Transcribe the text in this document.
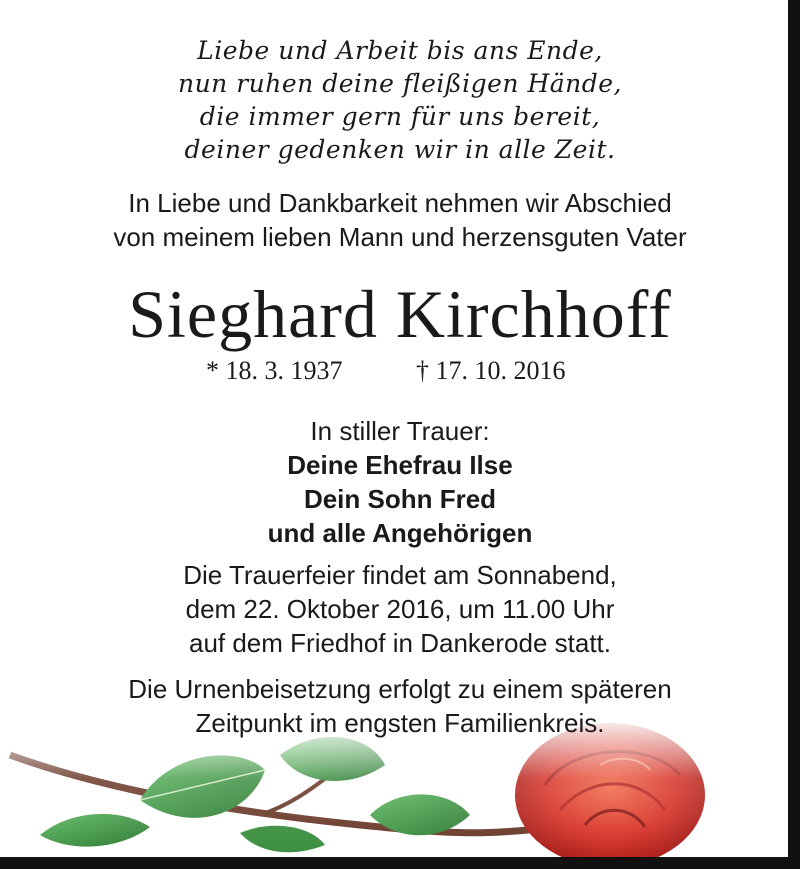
Liebe und Arbeit bis ans Ende,
nun ruhen deine fleißigen Hände,
die immer gern für uns bereit,
deiner gedenken wir in alle Zeit.
In Liebe und Dankbarkeit nehmen wir Abschied
von meinem lieben Mann und herzensguten Vater
Sieghard Kirchhoff
* 18. 3. 1937	† 17. 10. 2016
In stiller Trauer:
Deine Ehefrau Ilse
Dein Sohn Fred
und alle Angehörigen
Die Trauerfeier findet am Sonnabend,
dem 22. Oktober 2016, um 11.00 Uhr
auf dem Friedhof in Dankerode statt.
Die Urnenbeisetzung erfolgt zu einem späteren
Zeitpunkt im engsten Familienkreis.
